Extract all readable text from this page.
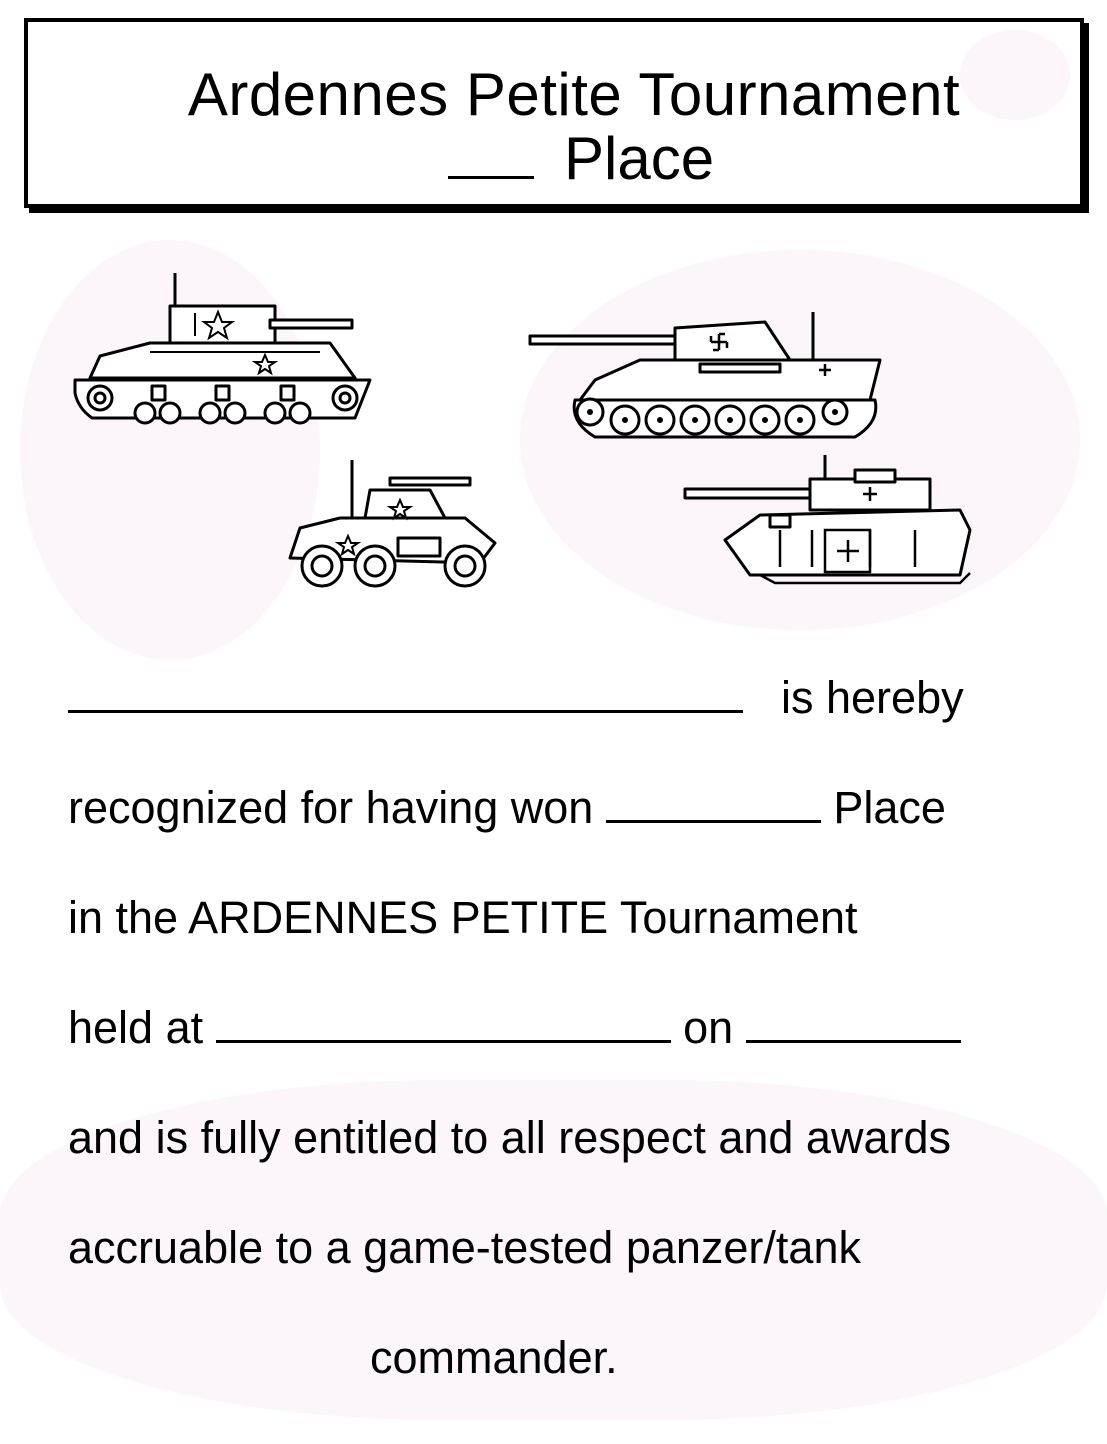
Ardennes Petite Tournament
Place
is hereby
recognized for having won	Place
in the ARDENNES PETITE Tournament
held at	on
and is fully entitled to all respect and awards
accruable to a game-tested panzer/tank
commander.
